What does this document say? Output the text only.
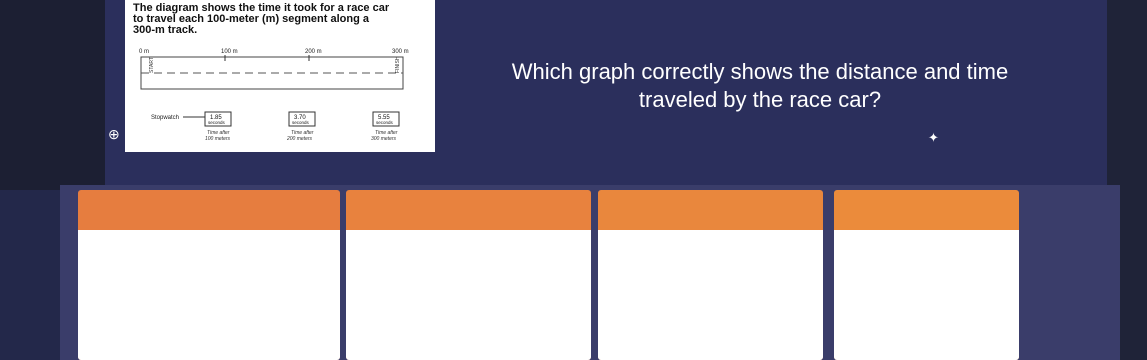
The diagram shows the time it took for a race car
to travel each 100-meter (m) segment along a
300-m track.
0 m	100 m	200 m	300 m
START	FINISH
Stopwatch	1.85
seconds
Time after
100 meters
3.70
seconds
Time after
200 meters
5.55
seconds
Time after
300 meters
⊕
Which graph correctly shows the distance and time
traveled by the race car?
✦
